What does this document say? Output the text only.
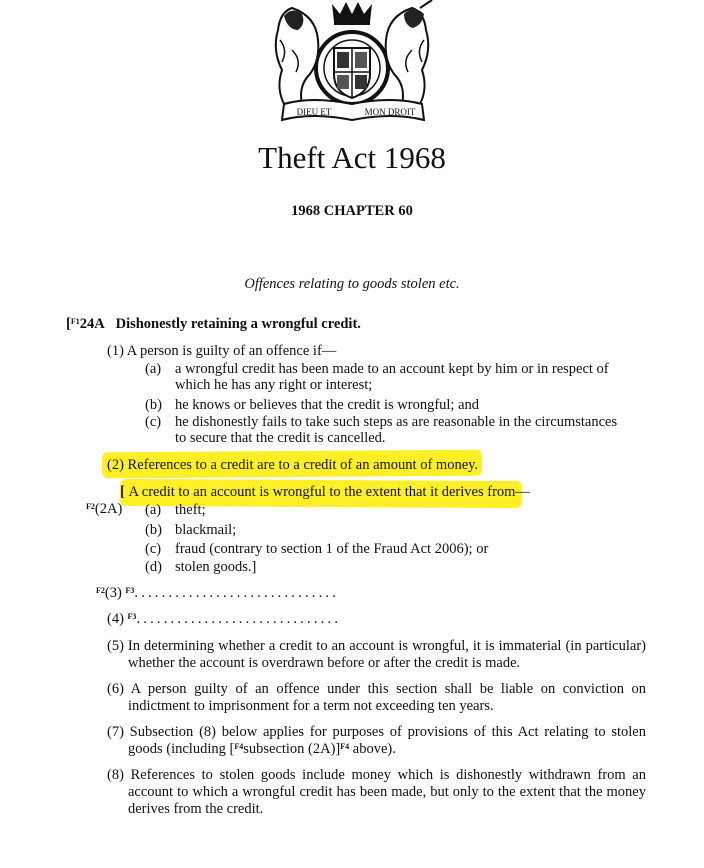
DIEU ET	MON DROIT
Theft Act 1968
1968 CHAPTER 60
Offences relating to goods stolen etc.
[$^{F1}$24A Dishonestly retaining a wrongful credit.
(1) A person is guilty of an offence if—
(a) a wrongful credit has been made to an account kept by him or in respect of
which he has any right or interest;
(b) he knows or believes that the credit is wrongful; and
(c) he dishonestly fails to take such steps as are reasonable in the circumstances
to secure that the credit is cancelled.
(2) References to a credit are to a credit of an amount of money.
[ A credit to an account is wrongful to the extent that it derives from—
$^{F2}$(2A) (a) theft;
(b) blackmail;
(c) fraud (contrary to section 1 of the Fraud Act 2006); or
(d) stolen goods.]
$^{F2}$(3) $^{F3}$..............................
(4) $^{F3}$..............................
(5) In determining whether a credit to an account is wrongful, it is immaterial (in particular) whether the account is overdrawn before or after the credit is made.
(6) A person guilty of an offence under this section shall be liable on conviction on indictment to imprisonment for a term not exceeding ten years.
(7) Subsection (8) below applies for purposes of provisions of this Act relating to stolen goods (including [$^{F4}$subsection (2A)]$^{F4}$ above).
(8) References to stolen goods include money which is dishonestly withdrawn from an account to which a wrongful credit has been made, but only to the extent that the money derives from the credit.
